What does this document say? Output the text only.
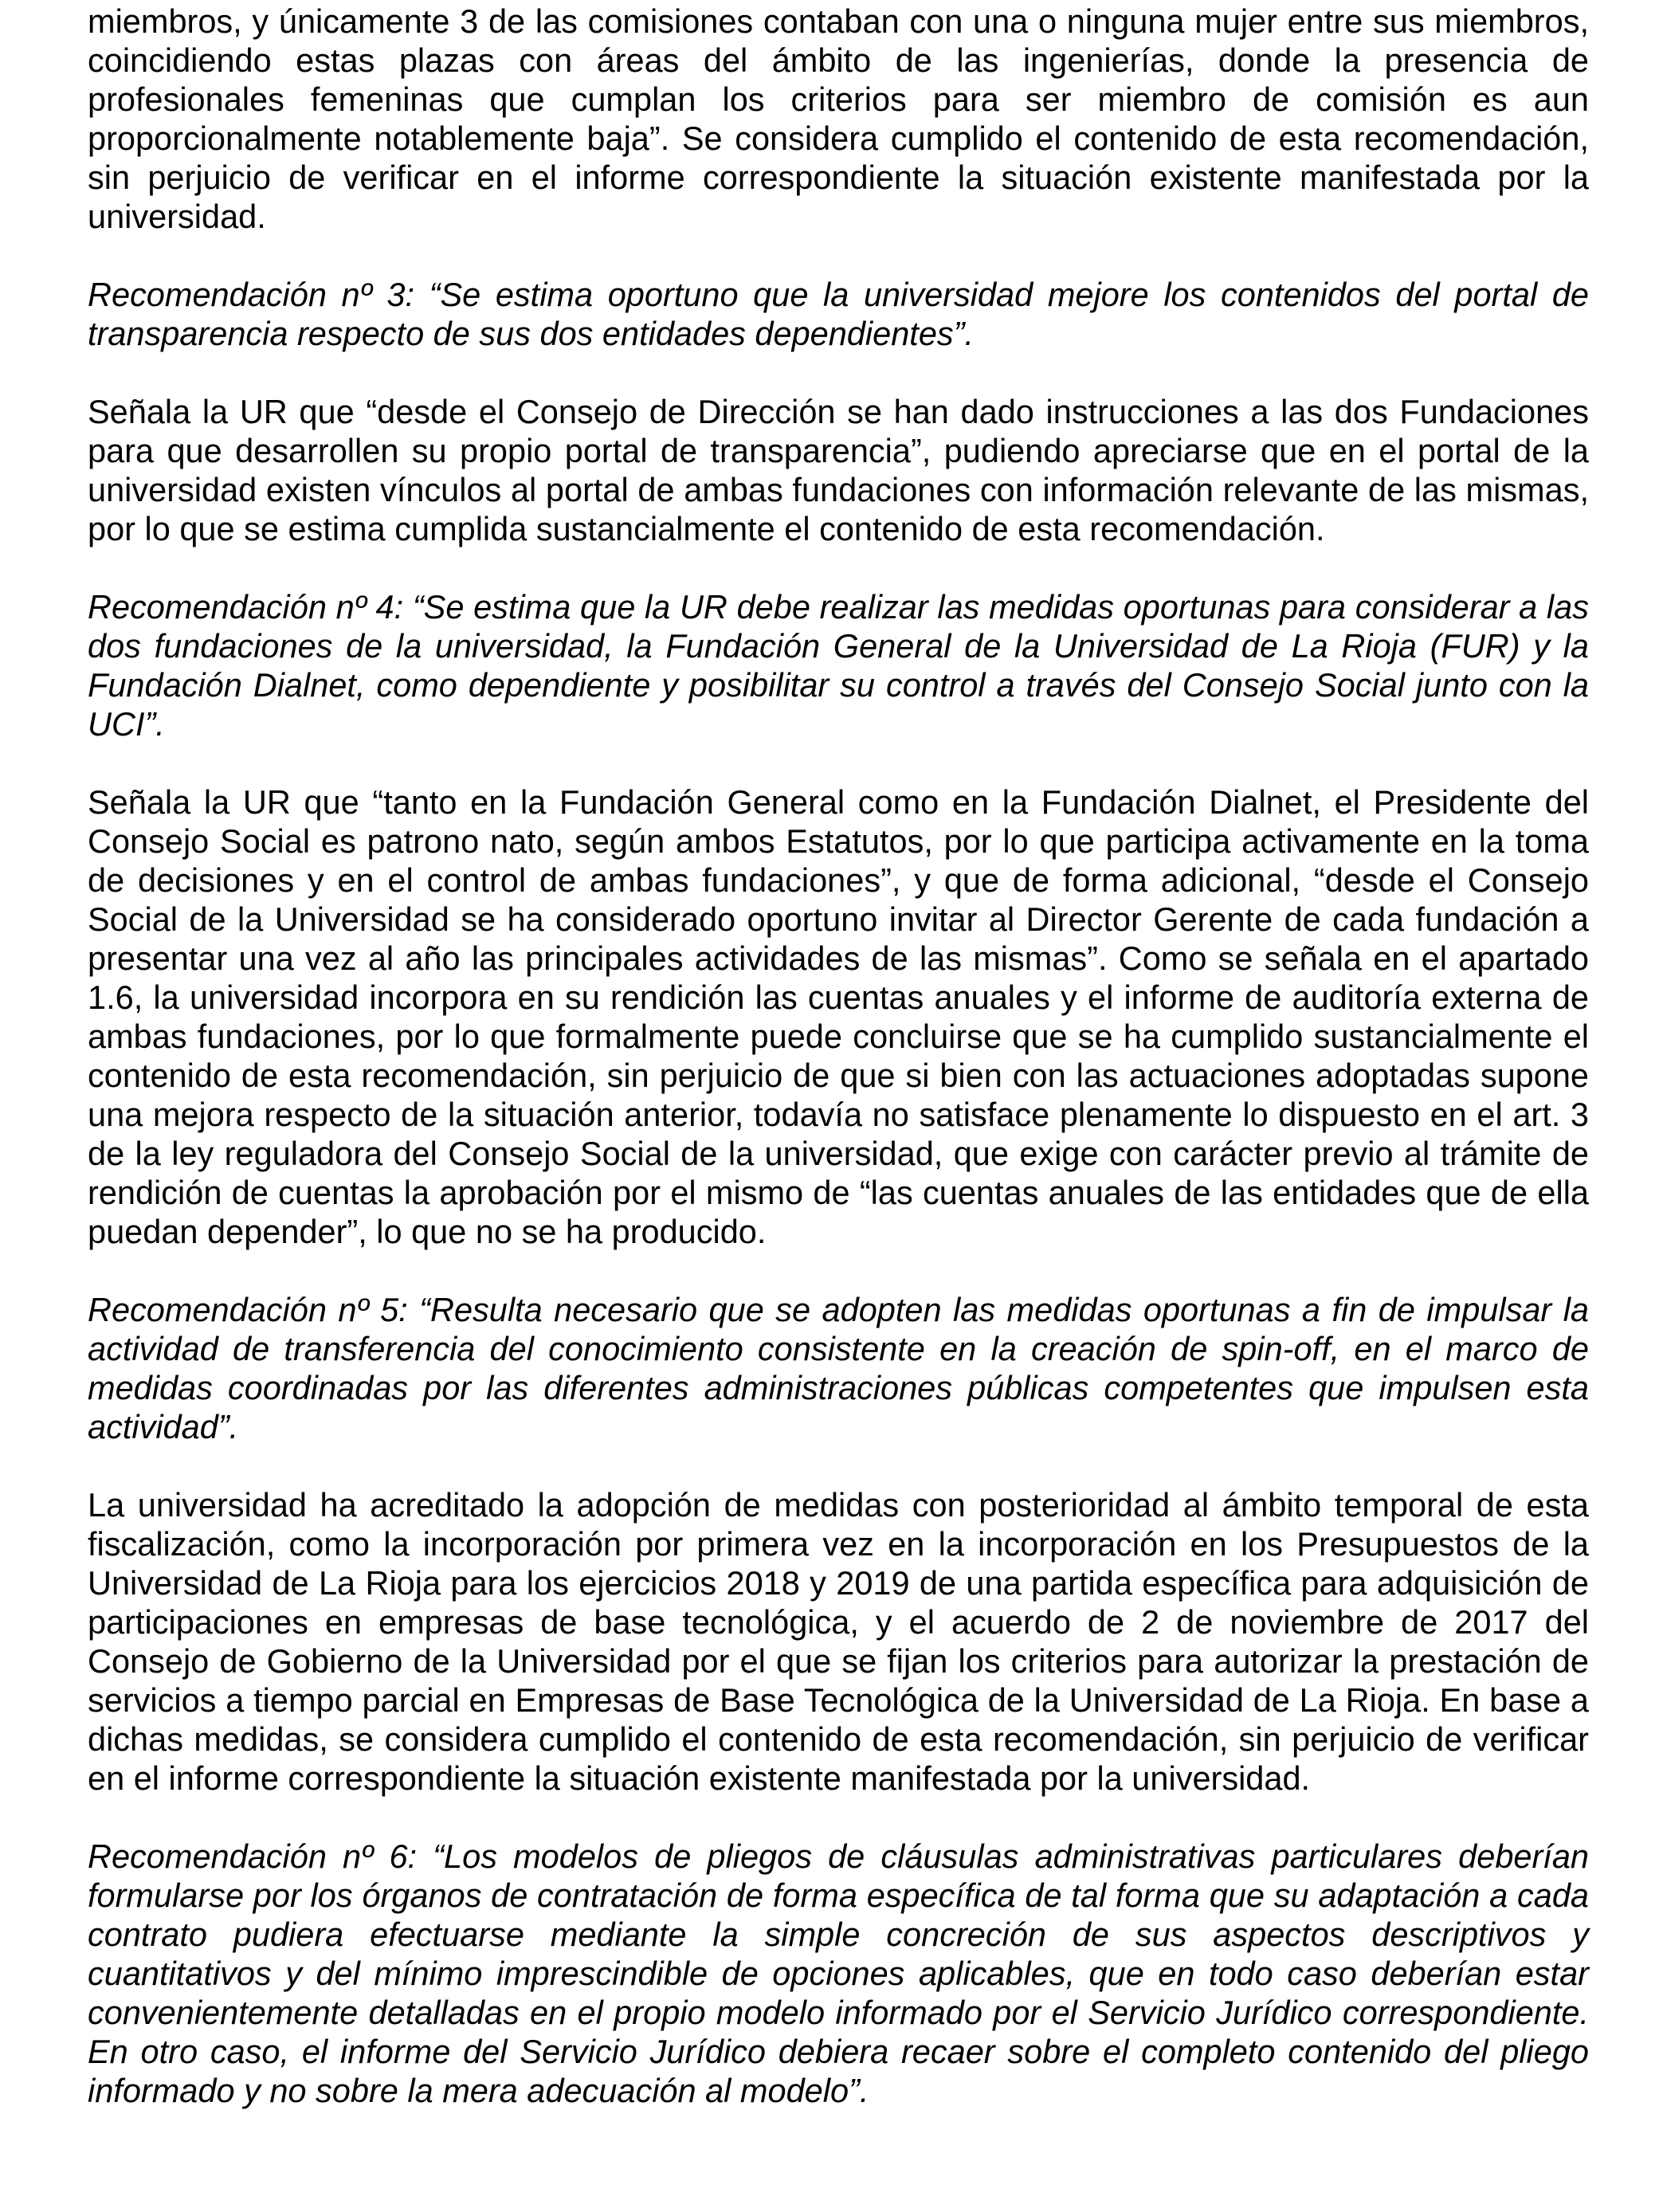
miembros, y únicamente 3 de las comisiones contaban con una o ninguna mujer entre sus miembros, coincidiendo estas plazas con áreas del ámbito de las ingenierías, donde la presencia de profesionales femeninas que cumplan los criterios para ser miembro de comisión es aun proporcionalmente notablemente baja”. Se considera cumplido el contenido de esta recomendación, sin perjuicio de verificar en el informe correspondiente la situación existente manifestada por la universidad.

Recomendación nº 3: “Se estima oportuno que la universidad mejore los contenidos del portal de transparencia respecto de sus dos entidades dependientes”.

Señala la UR que “desde el Consejo de Dirección se han dado instrucciones a las dos Fundaciones para que desarrollen su propio portal de transparencia”, pudiendo apreciarse que en el portal de la universidad existen vínculos al portal de ambas fundaciones con información relevante de las mismas, por lo que se estima cumplida sustancialmente el contenido de esta recomendación.

Recomendación nº 4: “Se estima que la UR debe realizar las medidas oportunas para considerar a las dos fundaciones de la universidad, la Fundación General de la Universidad de La Rioja (FUR) y la Fundación Dialnet, como dependiente y posibilitar su control a través del Consejo Social junto con la UCI”.

Señala la UR que “tanto en la Fundación General como en la Fundación Dialnet, el Presidente del Consejo Social es patrono nato, según ambos Estatutos, por lo que participa activamente en la toma de decisiones y en el control de ambas fundaciones”, y que de forma adicional, “desde el Consejo Social de la Universidad se ha considerado oportuno invitar al Director Gerente de cada fundación a presentar una vez al año las principales actividades de las mismas”. Como se señala en el apartado 1.6, la universidad incorpora en su rendición las cuentas anuales y el informe de auditoría externa de ambas fundaciones, por lo que formalmente puede concluirse que se ha cumplido sustancialmente el contenido de esta recomendación, sin perjuicio de que si bien con las actuaciones adoptadas supone una mejora respecto de la situación anterior, todavía no satisface plenamente lo dispuesto en el art. 3 de la ley reguladora del Consejo Social de la universidad, que exige con carácter previo al trámite de rendición de cuentas la aprobación por el mismo de “las cuentas anuales de las entidades que de ella puedan depender”, lo que no se ha producido.

Recomendación nº 5: “Resulta necesario que se adopten las medidas oportunas a fin de impulsar la actividad de transferencia del conocimiento consistente en la creación de spin-off, en el marco de medidas coordinadas por las diferentes administraciones públicas competentes que impulsen esta actividad”.

La universidad ha acreditado la adopción de medidas con posterioridad al ámbito temporal de esta fiscalización, como la incorporación por primera vez en la incorporación en los Presupuestos de la Universidad de La Rioja para los ejercicios 2018 y 2019 de una partida específica para adquisición de participaciones en empresas de base tecnológica, y el acuerdo de 2 de noviembre de 2017 del Consejo de Gobierno de la Universidad por el que se fijan los criterios para autorizar la prestación de servicios a tiempo parcial en Empresas de Base Tecnológica de la Universidad de La Rioja. En base a dichas medidas, se considera cumplido el contenido de esta recomendación, sin perjuicio de verificar en el informe correspondiente la situación existente manifestada por la universidad.

Recomendación nº 6: “Los modelos de pliegos de cláusulas administrativas particulares deberían formularse por los órganos de contratación de forma específica de tal forma que su adaptación a cada contrato pudiera efectuarse mediante la simple concreción de sus aspectos descriptivos y cuantitativos y del mínimo imprescindible de opciones aplicables, que en todo caso deberían estar convenientemente detalladas en el propio modelo informado por el Servicio Jurídico correspondiente. En otro caso, el informe del Servicio Jurídico debiera recaer sobre el completo contenido del pliego informado y no sobre la mera adecuación al modelo”.
